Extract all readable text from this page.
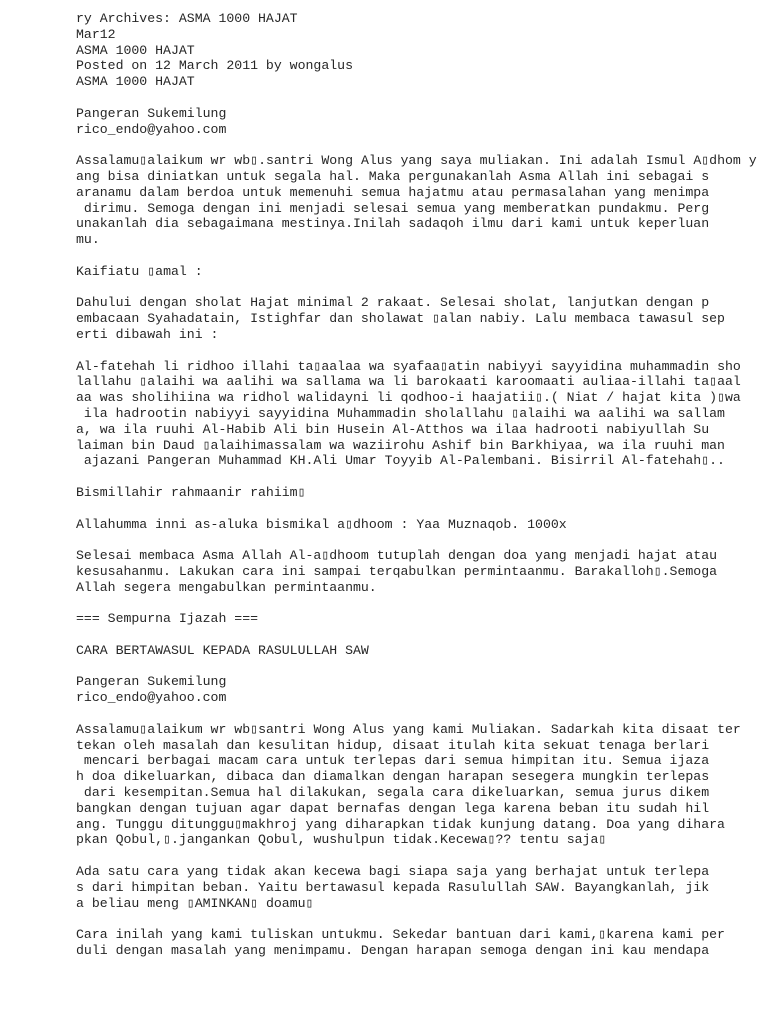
ry Archives: ASMA 1000 HAJAT
Mar12
ASMA 1000 HAJAT
Posted on 12 March 2011 by wongalus
ASMA 1000 HAJAT
Pangeran Sukemilung
rico_endo@yahoo.com
Assalamu▯alaikum wr wb▯.santri Wong Alus yang saya muliakan. Ini adalah Ismul A▯dhom y
ang bisa diniatkan untuk segala hal. Maka pergunakanlah Asma Allah ini sebagai s
aranamu dalam berdoa untuk memenuhi semua hajatmu atau permasalahan yang menimpa
dirimu. Semoga dengan ini menjadi selesai semua yang memberatkan pundakmu. Perg
unakanlah dia sebagaimana mestinya.Inilah sadaqoh ilmu dari kami untuk keperluan
mu.
Kaifiatu ▯amal :
Dahului dengan sholat Hajat minimal 2 rakaat. Selesai sholat, lanjutkan dengan p
embacaan Syahadatain, Istighfar dan sholawat ▯alan nabiy. Lalu membaca tawasul sep
erti dibawah ini :
Al-fatehah li ridhoo illahi ta▯aalaa wa syafaa▯atin nabiyyi sayyidina muhammadin sho
lallahu ▯alaihi wa aalihi wa sallama wa li barokaati karoomaati auliaa-illahi ta▯aal
aa was sholihiina wa ridhol walidayni li qodhoo-i haajatii▯.( Niat / hajat kita )▯wa
ila hadrootin nabiyyi sayyidina Muhammadin sholallahu ▯alaihi wa aalihi wa sallam
a, wa ila ruuhi Al-Habib Ali bin Husein Al-Atthos wa ilaa hadrooti nabiyullah Su
laiman bin Daud ▯alaihimassalam wa waziirohu Ashif bin Barkhiyaa, wa ila ruuhi man
ajazani Pangeran Muhammad KH.Ali Umar Toyyib Al-Palembani. Bisirril Al-fatehah▯..
Bismillahir rahmaanir rahiim▯
Allahumma inni as-aluka bismikal a▯dhoom : Yaa Muznaqob. 1000x
Selesai membaca Asma Allah Al-a▯dhoom tutuplah dengan doa yang menjadi hajat atau
kesusahanmu. Lakukan cara ini sampai terqabulkan permintaanmu. Barakalloh▯.Semoga
Allah segera mengabulkan permintaanmu.
=== Sempurna Ijazah ===
CARA BERTAWASUL KEPADA RASULULLAH SAW
Pangeran Sukemilung
rico_endo@yahoo.com
Assalamu▯alaikum wr wb▯santri Wong Alus yang kami Muliakan. Sadarkah kita disaat ter
tekan oleh masalah dan kesulitan hidup, disaat itulah kita sekuat tenaga berlari
mencari berbagai macam cara untuk terlepas dari semua himpitan itu. Semua ijaza
h doa dikeluarkan, dibaca dan diamalkan dengan harapan sesegera mungkin terlepas
dari kesempitan.Semua hal dilakukan, segala cara dikeluarkan, semua jurus dikem
bangkan dengan tujuan agar dapat bernafas dengan lega karena beban itu sudah hil
ang. Tunggu ditunggu▯makhroj yang diharapkan tidak kunjung datang. Doa yang dihara
pkan Qobul,▯.jangankan Qobul, wushulpun tidak.Kecewa▯?? tentu saja▯
Ada satu cara yang tidak akan kecewa bagi siapa saja yang berhajat untuk terlepa
s dari himpitan beban. Yaitu bertawasul kepada Rasulullah SAW. Bayangkanlah, jik
a beliau meng ▯AMINKAN▯ doamu▯
Cara inilah yang kami tuliskan untukmu. Sekedar bantuan dari kami,▯karena kami per
duli dengan masalah yang menimpamu. Dengan harapan semoga dengan ini kau mendapa
